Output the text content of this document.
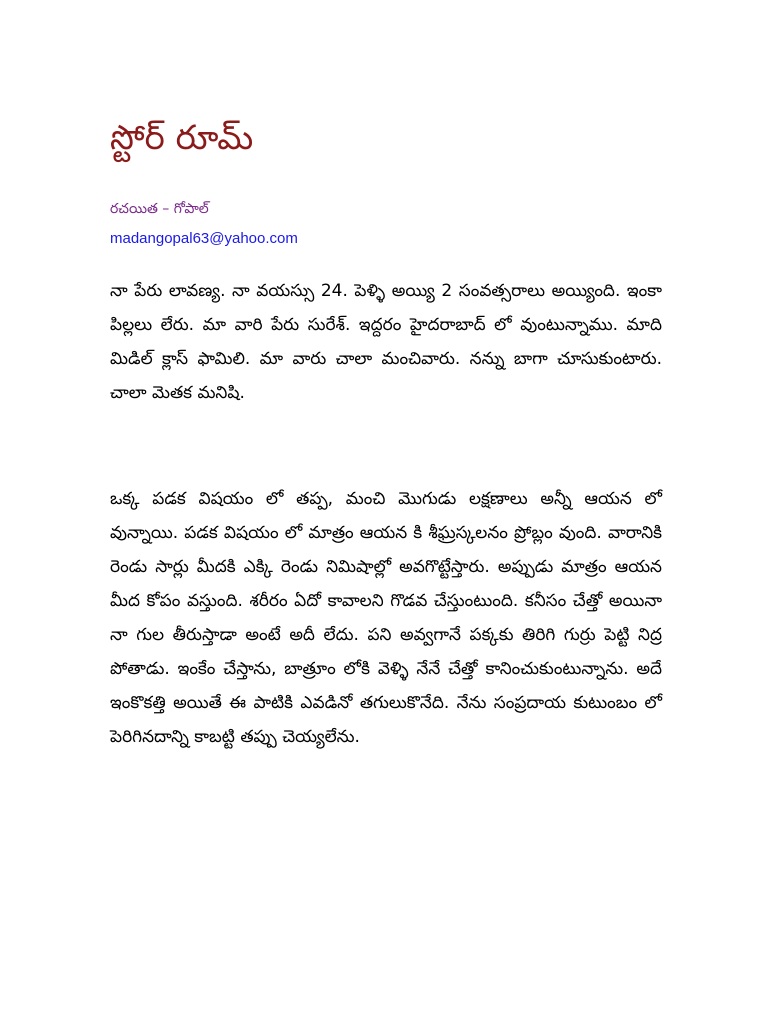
స్టోర్ రూమ్
రచయిత – గోపాల్
madangopal63@yahoo.com

నా పేరు లావణ్య. నా వయస్సు 24. పెళ్ళి అయ్యి 2 సంవత్సరాలు అయ్యింది. ఇంకా పిల్లలు లేరు. మా వారి పేరు సురేశ్. ఇద్దరం హైదరాబాద్ లో వుంటున్నాము. మాది మిడిల్ క్లాస్ ఫామిలి. మా వారు చాలా మంచివారు. నన్ను బాగా చూసుకుంటారు. చాలా మెతక మనిషి.

ఒక్క పడక విషయం లో తప్ప, మంచి మొగుడు లక్షణాలు అన్నీ ఆయన లో వున్నాయి. పడక విషయం లో మాత్రం ఆయన కి శీఘ్రస్కలనం ప్రోబ్లం వుంది. వారానికి రెండు సార్లు మీదకి ఎక్కి రెండు నిమిషాల్లో అవగొట్టేస్తారు. అప్పుడు మాత్రం ఆయన మీద కోపం వస్తుంది. శరీరం ఏదో కావాలని గొడవ చేస్తుంటుంది. కనీసం చేత్తో అయినా నా గుల తీరుస్తాడా అంటే అదీ లేదు. పని అవ్వగానే పక్కకు తిరిగి గుర్రు పెట్టి నిద్ర పోతాడు. ఇంకేం చేస్తాను, బాత్రూం లోకి వెళ్ళి నేనే చేత్తో కానించుకుంటున్నాను. అదే ఇంకొకత్తి అయితే ఈ పాటికి ఎవడినో తగులుకొనేది. నేను సంప్రదాయ కుటుంబం లో పెరిగినదాన్ని కాబట్టి తప్పు చెయ్యలేను.
